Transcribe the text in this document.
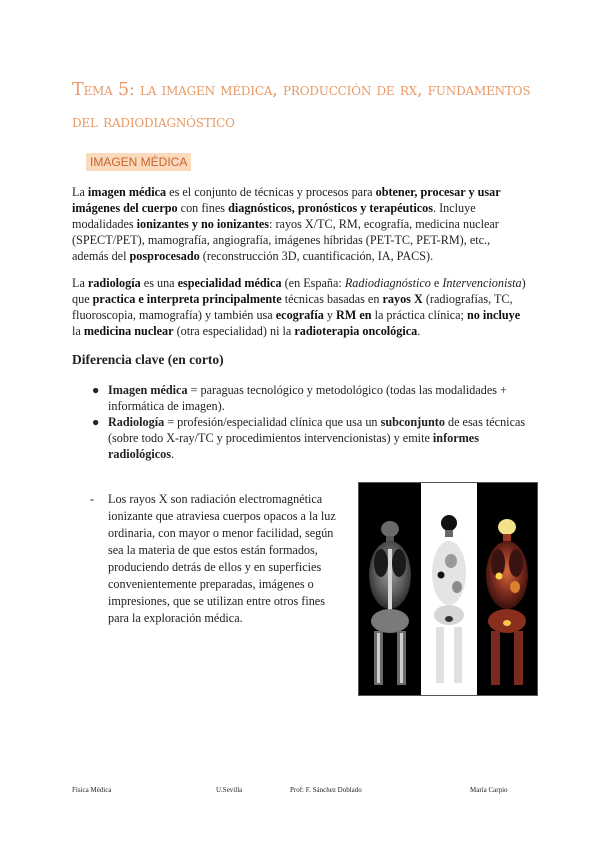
Tema 5: la imagen médica, producción de rx, fundamentos del radiodiagnóstico
IMAGEN MÉDICA
La imagen médica es el conjunto de técnicas y procesos para obtener, procesar y usar imágenes del cuerpo con fines diagnósticos, pronósticos y terapéuticos. Incluye modalidades ionizantes y no ionizantes: rayos X/TC, RM, ecografía, medicina nuclear (SPECT/PET), mamografía, angiografía, imágenes híbridas (PET-TC, PET-RM), etc., además del posprocesado (reconstrucción 3D, cuantificación, IA, PACS).
La radiología es una especialidad médica (en España: Radiodiagnóstico e Intervencionista) que practica e interpreta principalmente técnicas basadas en rayos X (radiografías, TC, fluoroscopia, mamografía) y también usa ecografía y RM en la práctica clínica; no incluye la medicina nuclear (otra especialidad) ni la radioterapia oncológica.
Diferencia clave (en corto)
● Imagen médica = paraguas tecnológico y metodológico (todas las modalidades + informática de imagen).
● Radiología = profesión/especialidad clínica que usa un subconjunto de esas técnicas (sobre todo X-ray/TC y procedimientos intervencionistas) y emite informes radiológicos.
-	Los rayos X son radiación electromagnética ionizante que atraviesa cuerpos opacos a la luz ordinaria, con mayor o menor facilidad, según sea la materia de que estos están formados, produciendo detrás de ellos y en superficies convenientemente preparadas, imágenes o impresiones, que se utilizan entre otros fines para la exploración médica.
Física Médica	U.Sevilla	Prof: F. Sánchez Doblado	María Carpio
